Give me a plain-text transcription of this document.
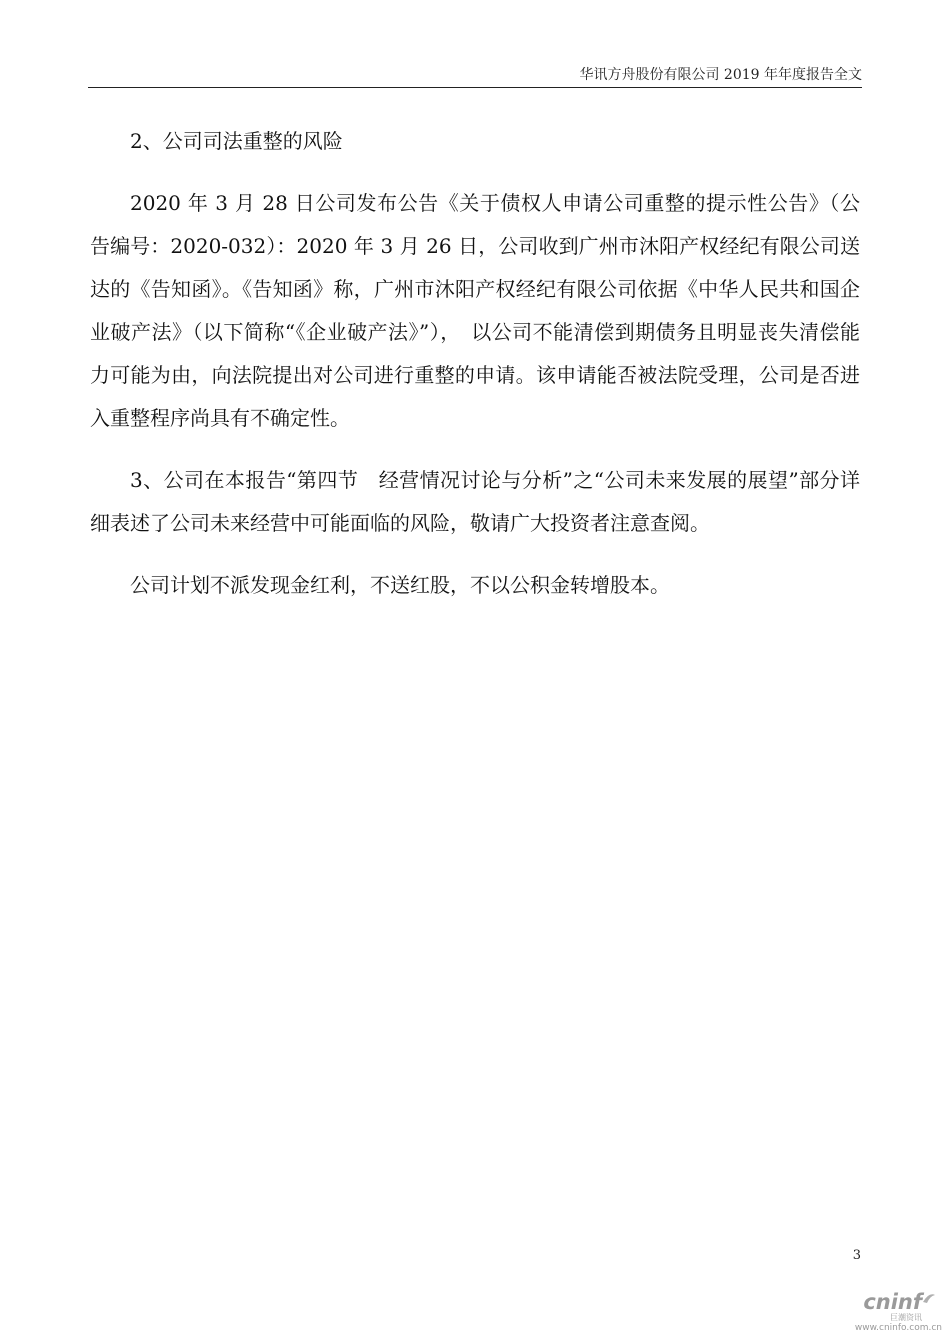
华讯方舟股份有限公司 2019 年年度报告全文

2、公司司法重整的风险

2020 年 3 月 28 日公司发布公告《关于债权人申请公司重整的提示性公告》（公告编号：2020-032）：2020 年 3 月 26 日，公司收到广州市沐阳产权经纪有限公司送达的《告知函》。《告知函》称，广州市沐阳产权经纪有限公司依据《中华人民共和国企业破产法》（以下简称“《企业破产法》”），　以公司不能清偿到期债务且明显丧失清偿能力可能为由，向法院提出对公司进行重整的申请。该申请能否被法院受理，公司是否进入重整程序尚具有不确定性。

3、公司在本报告“第四节　经营情况讨论与分析”之“公司未来发展的展望”部分详细表述了公司未来经营中可能面临的风险，敬请广大投资者注意查阅。

公司计划不派发现金红利，不送红股，不以公积金转增股本。

3
cninf
巨潮资讯
www.cninfo.com.cn
